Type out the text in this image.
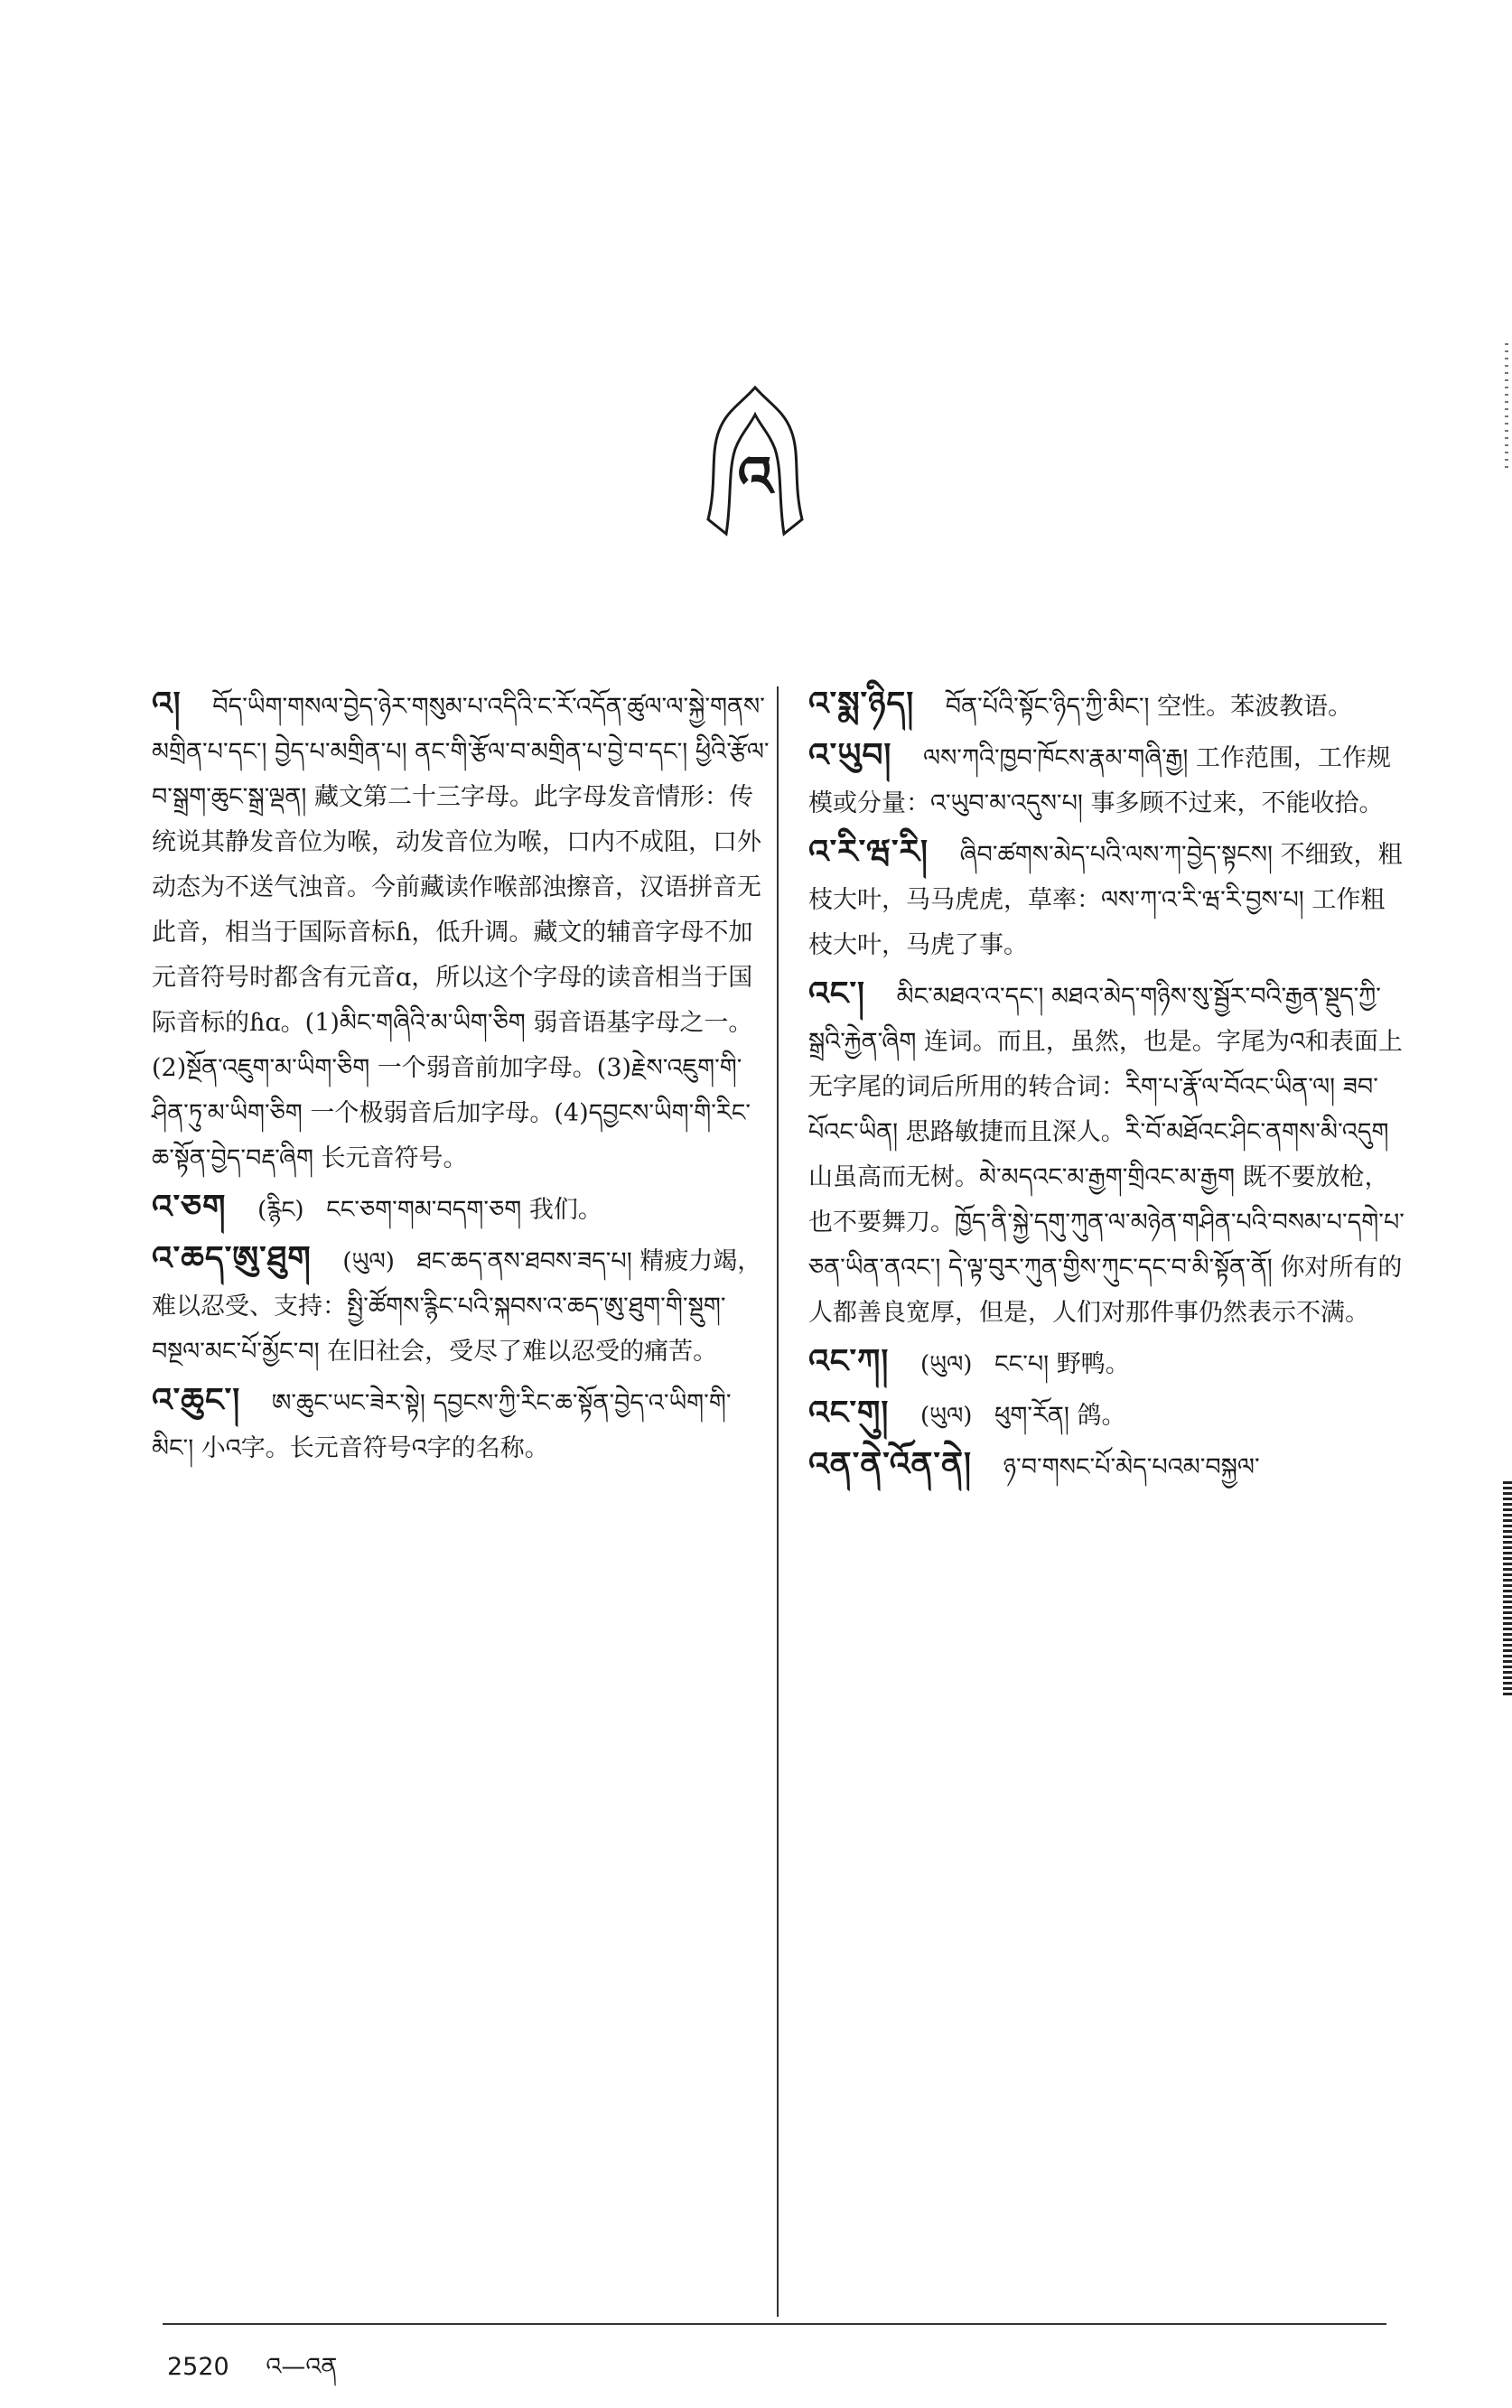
འ
འ། བོད་ཡིག་གསལ་བྱེད་ཉེར་གསུམ་པ་འདིའི་ང་རོ་འདོན་ཚུལ་ལ་སྐྱེ་གནས་མགྲིན་པ་དང་། བྱེད་པ་མགྲིན་པ། ནང་གི་རྩོལ་བ་མགྲིན་པ་བྱེ་བ་དང་། ཕྱིའི་རྩོལ་བ་སྒྲག་ཆུང་སྒྲ་ལྡན། 藏文第二十三字母。此字母发音情形：传统说其静发音位为喉，动发音位为喉，口内不成阻，口外动态为不送气浊音。今前藏读作喉部浊擦音，汉语拼音无此音，相当于国际音标ɦ，低升调。藏文的辅音字母不加元音符号时都含有元音ɑ，所以这个字母的读音相当于国际音标的ɦɑ。(1)མིང་གཞིའི་མ་ཡིག་ཅིག 弱音语基字母之一。(2)སྔོན་འཇུག་མ་ཡིག་ཅིག 一个弱音前加字母。(3)རྗེས་འཇུག་གི་ཤིན་ཏུ་མ་ཡིག་ཅིག 一个极弱音后加字母。(4)དབྱངས་ཡིག་གི་རིང་ཆ་སྟོན་བྱེད་བརྡ་ཞིག 长元音符号。
འ་ཅག (རྙིང) ངང་ཅག་གམ་བདག་ཅག 我们。
འ་ཆད་ཨུ་ཐུག (ཡུལ) ཐང་ཆད་ནས་ཐབས་ཟད་པ། 精疲力竭，难以忍受、支持：སྤྱི་ཚོགས་རྙིང་པའི་སྐབས་འ་ཆད་ཨུ་ཐུག་གི་སྡུག་བསྔལ་མང་པོ་མྱོང་བ། 在旧社会，受尽了难以忍受的痛苦。
འ་ཆུང་། ཨ་ཆུང་ཡང་ཟེར་སྟེ། དབྱངས་ཀྱི་རིང་ཆ་སྟོན་བྱེད་འ་ཡིག་གི་མིང་། 小འ字。长元音符号འ字的名称。
འ་སྨ་ཉིད། བོན་པོའི་སྟོང་ཉིད་ཀྱི་མིང་། 空性。苯波教语。
འ་ཡུབ། ལས་ཀའི་ཁྱབ་ཁོངས་རྣམ་གཞི་རྒྱ། 工作范围，工作规模或分量：འ་ཡུབ་མ་འདུས་པ། 事多顾不过来，不能收拾。
འ་རི་ཝ་རི། ཞིབ་ཚགས་མེད་པའི་ལས་ཀ་བྱེད་སྟངས། 不细致，粗枝大叶，马马虎虎，草率：ལས་ཀ་འ་རི་ཝ་རི་བྱས་པ། 工作粗枝大叶，马虎了事。
འང་། མིང་མཐའ་འ་དང་། མཐའ་མེད་གཉིས་སུ་སྦྱོར་བའི་རྒྱན་སྡུད་ཀྱི་སྒྲའི་རྐྱེན་ཞིག 连词。而且，虽然，也是。字尾为འ和表面上无字尾的词后所用的转合词：རིག་པ་རྣོ་ལ་བོའང་ཡིན་ལ། ཟབ་པོའང་ཡིན། 思路敏捷而且深人。རི་བོ་མཐོའང་ཤིང་ནགས་མི་འདུག 山虽高而无树。མེ་མདའང་མ་རྒྱག་གྲིའང་མ་རྒྱག 既不要放枪，也不要舞刀。ཁྱོད་ནི་སྐྱེ་དགུ་ཀུན་ལ་མཉེན་གཤིན་པའི་བསམ་པ་དགེ་པ་ཅན་ཡིན་ནའང་། དེ་ལྟ་བུར་ཀུན་གྱིས་ཀུང་དང་བ་མི་སྟོན་ནོ། 你对所有的人都善良宽厚，但是，人们对那件事仍然表示不满。
འང་ཀ། (ཡུལ) ངང་པ། 野鸭。
འང་གུ། (ཡུལ) ཕུག་རོན། 鸽。
འན་ནེ་འོན་ནེ། ཉ་བ་གསང་པོ་མེད་པའམ་བསྐྱལ་
2520 འ—འན
